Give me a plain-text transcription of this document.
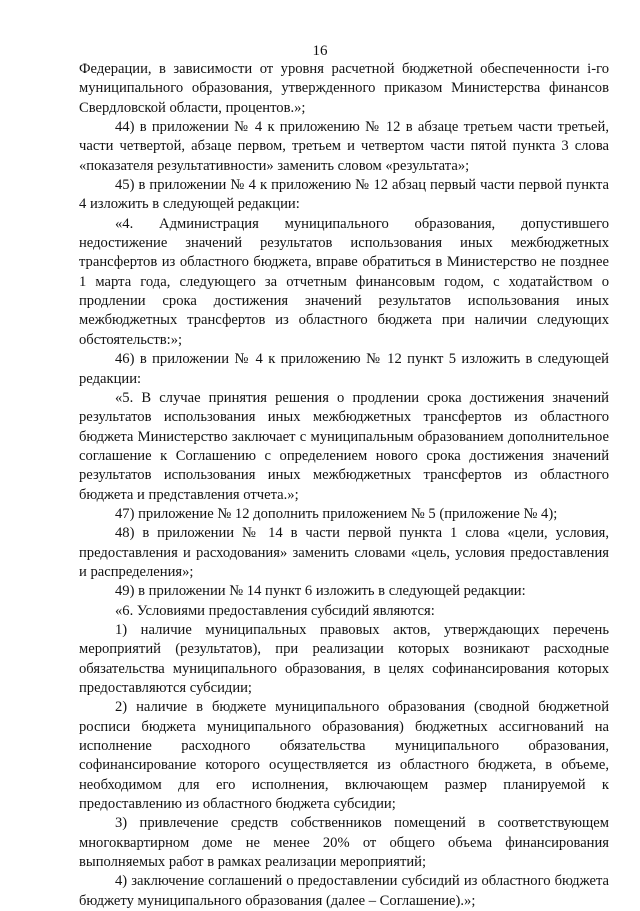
16

Федерации, в зависимости от уровня расчетной бюджетной обеспеченности i-го муниципального образования, утвержденного приказом Министерства финансов Свердловской области, процентов.»;

44) в приложении № 4 к приложению № 12 в абзаце третьем части третьей, части четвертой, абзаце первом, третьем и четвертом части пятой пункта 3 слова «показателя результативности» заменить словом «результата»;

45) в приложении № 4 к приложению № 12 абзац первый части первой пункта 4 изложить в следующей редакции:

«4. Администрация муниципального образования, допустившего недостижение значений результатов использования иных межбюджетных трансфертов из областного бюджета, вправе обратиться в Министерство не позднее 1 марта года, следующего за отчетным финансовым годом, с ходатайством о продлении срока достижения значений результатов использования иных межбюджетных трансфертов из областного бюджета при наличии следующих обстоятельств:»;

46) в приложении № 4 к приложению № 12 пункт 5 изложить в следующей редакции:

«5. В случае принятия решения о продлении срока достижения значений результатов использования иных межбюджетных трансфертов из областного бюджета Министерство заключает с муниципальным образованием дополнительное соглашение к Соглашению с определением нового срока достижения значений результатов использования иных межбюджетных трансфертов из областного бюджета и представления отчета.»;

47) приложение № 12 дополнить приложением № 5 (приложение № 4);

48) в приложении № 14 в части первой пункта 1 слова «цели, условия, предоставления и расходования» заменить словами «цель, условия предоставления и распределения»;

49) в приложении № 14 пункт 6 изложить в следующей редакции:

«6. Условиями предоставления субсидий являются:

1) наличие муниципальных правовых актов, утверждающих перечень мероприятий (результатов), при реализации которых возникают расходные обязательства муниципального образования, в целях софинансирования которых предоставляются субсидии;

2) наличие в бюджете муниципального образования (сводной бюджетной росписи бюджета муниципального образования) бюджетных ассигнований на исполнение расходного обязательства муниципального образования, софинансирование которого осуществляется из областного бюджета, в объеме, необходимом для его исполнения, включающем размер планируемой к предоставлению из областного бюджета субсидии;

3) привлечение средств собственников помещений в соответствующем многоквартирном доме не менее 20% от общего объема финансирования выполняемых работ в рамках реализации мероприятий;

4) заключение соглашений о предоставлении субсидий из областного бюджета бюджету муниципального образования (далее – Соглашение).»;
